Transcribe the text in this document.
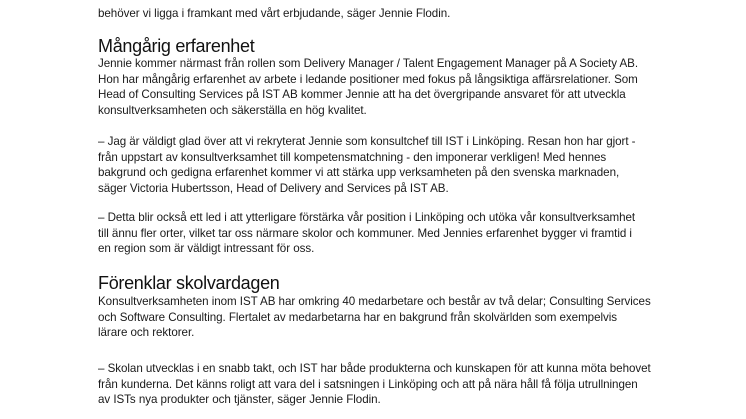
behöver vi ligga i framkant med vårt erbjudande, säger Jennie Flodin.

Mångårig erfarenhet

Jennie kommer närmast från rollen som Delivery Manager / Talent Engagement Manager på A Society AB.
Hon har mångårig erfarenhet av arbete i ledande positioner med fokus på långsiktiga affärsrelationer. Som
Head of Consulting Services på IST AB kommer Jennie att ha det övergripande ansvaret för att utveckla
konsultverksamheten och säkerställa en hög kvalitet.

– Jag är väldigt glad över att vi rekryterat Jennie som konsultchef till IST i Linköping. Resan hon har gjort -
från uppstart av konsultverksamhet till kompetensmatchning - den imponerar verkligen! Med hennes
bakgrund och gedigna erfarenhet kommer vi att stärka upp verksamheten på den svenska marknaden,
säger Victoria Hubertsson, Head of Delivery and Services på IST AB.

– Detta blir också ett led i att ytterligare förstärka vår position i Linköping och utöka vår konsultverksamhet
till ännu fler orter, vilket tar oss närmare skolor och kommuner. Med Jennies erfarenhet bygger vi framtid i
en region som är väldigt intressant för oss.

Förenklar skolvardagen

Konsultverksamheten inom IST AB har omkring 40 medarbetare och består av två delar; Consulting Services
och Software Consulting. Flertalet av medarbetarna har en bakgrund från skolvärlden som exempelvis
lärare och rektorer.

– Skolan utvecklas i en snabb takt, och IST har både produkterna och kunskapen för att kunna möta behovet
från kunderna. Det känns roligt att vara del i satsningen i Linköping och att på nära håll få följa utrullningen
av ISTs nya produkter och tjänster, säger Jennie Flodin.
